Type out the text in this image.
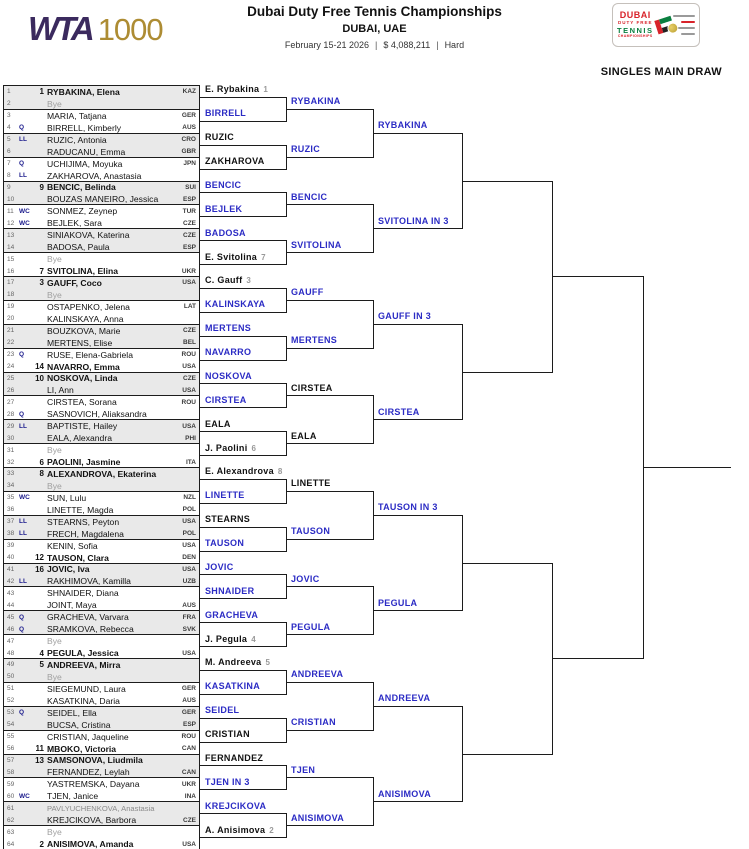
WTA 1000
Dubai Duty Free Tennis Championships
DUBAI, UAE
February 15-21 2026 | $ 4,088,211 | Hard
DUBAI
DUTY FREE
TENNIS
CHAMPIONSHIPS
SINGLES MAIN DRAW
1	1 RYBAKINA, Elena	KAZ
2	Bye
3	MARIA, Tatjana	GER
4	Q	BIRRELL, Kimberly	AUS
5	LL	RUZIC, Antonia	CRO
6	RADUCANU, Emma	GBR
7	Q	UCHIJIMA, Moyuka	JPN
8	LL	ZAKHAROVA, Anastasia
9	9 BENCIC, Belinda	SUI
10	BOUZAS MANEIRO, Jessica	ESP
11 WC	SONMEZ, Zeynep	TUR
12 WC	BEJLEK, Sara	CZE
13	SINIAKOVA, Katerina	CZE
14	BADOSA, Paula	ESP
15	Bye
16	7 SVITOLINA, Elina	UKR
17	3 GAUFF, Coco	USA
18	Bye
19	OSTAPENKO, Jelena	LAT
20	KALINSKAYA, Anna
21	BOUZKOVA, Marie	CZE
22	MERTENS, Elise	BEL
23 Q	RUSE, Elena-Gabriela	ROU
24	14 NAVARRO, Emma	USA
25	10 NOSKOVA, Linda	CZE
26	LI, Ann	USA
27	CIRSTEA, Sorana	ROU
28 Q	SASNOVICH, Aliaksandra
29 LL	BAPTISTE, Hailey	USA
30	EALA, Alexandra	PHI
31	Bye
32	6 PAOLINI, Jasmine	ITA
33	8 ALEXANDROVA, Ekaterina
34	Bye
35 WC	SUN, Lulu	NZL
36	LINETTE, Magda	POL
37 LL	STEARNS, Peyton	USA
38 LL	FRECH, Magdalena	POL
39	KENIN, Sofia	USA
40	12 TAUSON, Clara	DEN
41	16 JOVIC, Iva	USA
42 LL	RAKHIMOVA, Kamilla	UZB
43	SHNAIDER, Diana
44	JOINT, Maya	AUS
45 Q	GRACHEVA, Varvara	FRA
46 Q	SRAMKOVA, Rebecca	SVK
47	Bye
48	4 PEGULA, Jessica	USA
49	5 ANDREEVA, Mirra
50	Bye
51	SIEGEMUND, Laura	GER
52	KASATKINA, Daria	AUS
53 Q	SEIDEL, Ella	GER
54	BUCSA, Cristina	ESP
55	CRISTIAN, Jaqueline	ROU
56	11 MBOKO, Victoria	CAN
57	13 SAMSONOVA, Liudmila
58	FERNANDEZ, Leylah	CAN
59	YASTREMSKA, Dayana	UKR
60 WC	TJEN, Janice	INA
61	PAVLYUCHENKOVA, Anastasia
62	KREJCIKOVA, Barbora	CZE
63	Bye
64	2 ANISIMOVA, Amanda	USA
E. Rybakina 1
BIRRELL
RUZIC
ZAKHAROVA
BENCIC
BEJLEK
BADOSA
E. Svitolina 7
C. Gauff 3
KALINSKAYA
MERTENS
NAVARRO
NOSKOVA
CIRSTEA
EALA
J. Paolini 6
E. Alexandrova 8
LINETTE
STEARNS
TAUSON
JOVIC
SHNAIDER
GRACHEVA
J. Pegula 4
M. Andreeva 5
KASATKINA
SEIDEL
CRISTIAN
FERNANDEZ
TJEN IN 3
KREJCIKOVA
A. Anisimova 2
RYBAKINA
RUZIC
BENCIC
SVITOLINA
GAUFF
MERTENS
CIRSTEA
EALA
LINETTE
TAUSON
JOVIC
PEGULA
ANDREEVA
CRISTIAN
TJEN
ANISIMOVA
RYBAKINA
SVITOLINA IN 3
GAUFF IN 3
CIRSTEA
TAUSON IN 3
PEGULA
ANDREEVA
ANISIMOVA
